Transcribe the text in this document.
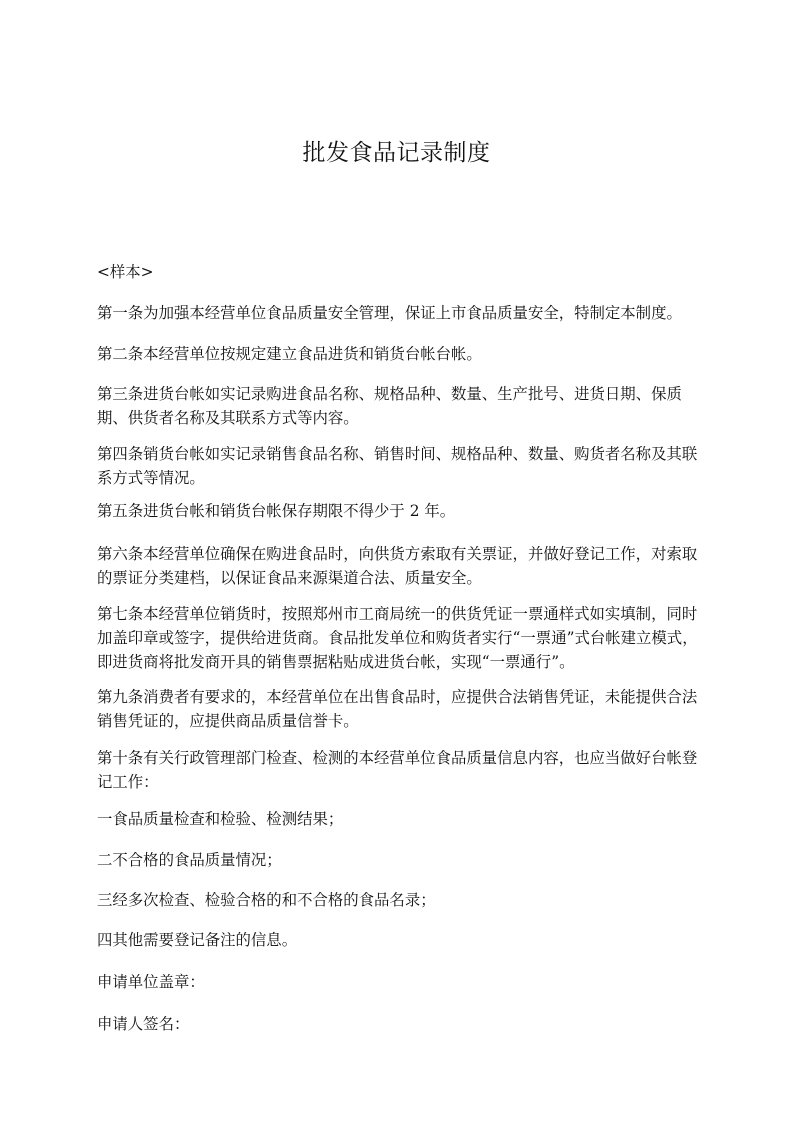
批发食品记录制度

<样本>

第一条为加强本经营单位食品质量安全管理，保证上市食品质量安全，特制定本制度。

第二条本经营单位按规定建立食品进货和销货台帐台帐。

第三条进货台帐如实记录购进食品名称、规格品种、数量、生产批号、进货日期、保质期、供货者名称及其联系方式等内容。

第四条销货台帐如实记录销售食品名称、销售时间、规格品种、数量、购货者名称及其联系方式等情况。

第五条进货台帐和销货台帐保存期限不得少于 2 年。

第六条本经营单位确保在购进食品时，向供货方索取有关票证，并做好登记工作，对索取的票证分类建档，以保证食品来源渠道合法、质量安全。

第七条本经营单位销货时，按照郑州市工商局统一的供货凭证一票通样式如实填制，同时加盖印章或签字，提供给进货商。食品批发单位和购货者实行“一票通”式台帐建立模式，即进货商将批发商开具的销售票据粘贴成进货台帐，实现“一票通行”。

第九条消费者有要求的，本经营单位在出售食品时，应提供合法销售凭证，未能提供合法销售凭证的，应提供商品质量信誉卡。

第十条有关行政管理部门检查、检测的本经营单位食品质量信息内容，也应当做好台帐登记工作：

一食品质量检查和检验、检测结果；

二不合格的食品质量情况；

三经多次检查、检验合格的和不合格的食品名录；

四其他需要登记备注的信息。

申请单位盖章：

申请人签名：
